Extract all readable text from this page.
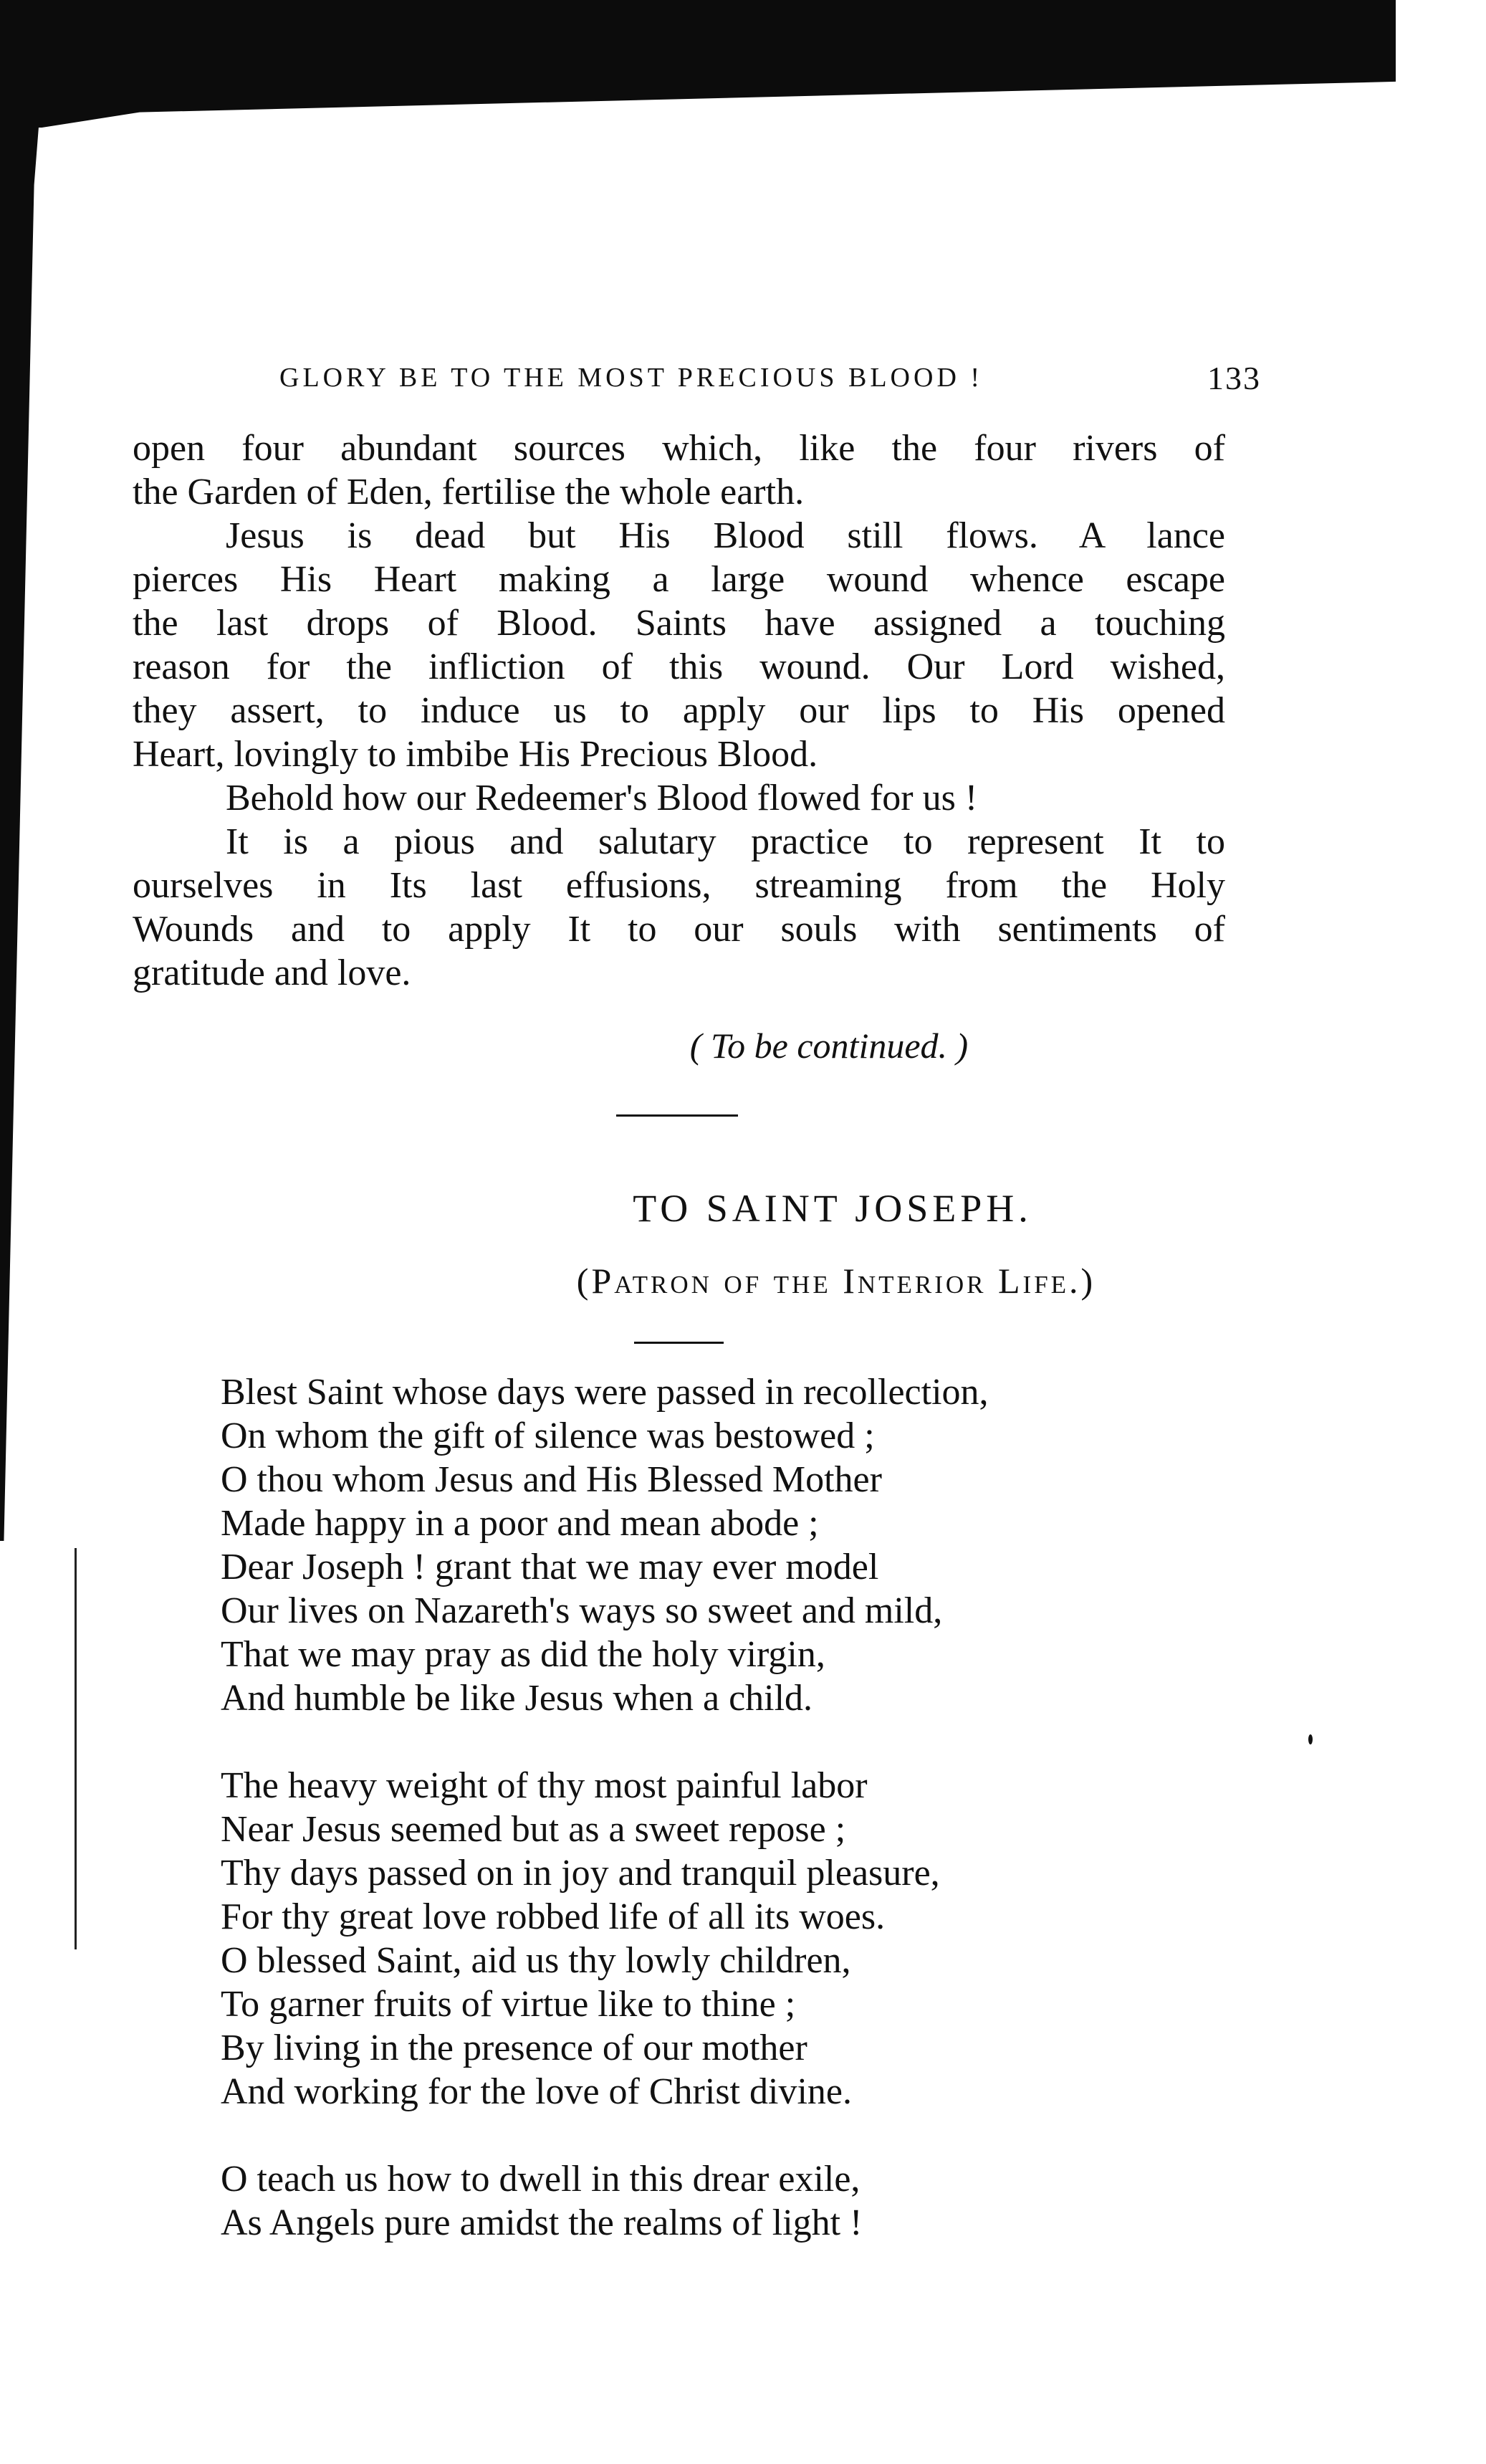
GLORY BE TO THE MOST PRECIOUS BLOOD !	133
open four abundant sources which, like the four rivers of
the Garden of Eden, fertilise the whole earth.
Jesus is dead but His Blood still flows. A lance
pierces His Heart making a large wound whence escape
the last drops of Blood. Saints have assigned a touching
reason for the infliction of this wound. Our Lord wished,
they assert, to induce us to apply our lips to His opened
Heart, lovingly to imbibe His Precious Blood.
Behold how our Redeemer's Blood flowed for us !
It is a pious and salutary practice to represent It to
ourselves in Its last effusions, streaming from the Holy
Wounds and to apply It to our souls with sentiments of
gratitude and love.
( To be continued. )
TO SAINT JOSEPH.
(Patron of the Interior Life.)
Blest Saint whose days were passed in recollection,
On whom the gift of silence was bestowed ;
O thou whom Jesus and His Blessed Mother
Made happy in a poor and mean abode ;
Dear Joseph ! grant that we may ever model
Our lives on Nazareth's ways so sweet and mild,
That we may pray as did the holy virgin,
And humble be like Jesus when a child.
The heavy weight of thy most painful labor
Near Jesus seemed but as a sweet repose ;
Thy days passed on in joy and tranquil pleasure,
For thy great love robbed life of all its woes.
O blessed Saint, aid us thy lowly children,
To garner fruits of virtue like to thine ;
By living in the presence of our mother
And working for the love of Christ divine.
O teach us how to dwell in this drear exile,
As Angels pure amidst the realms of light !
